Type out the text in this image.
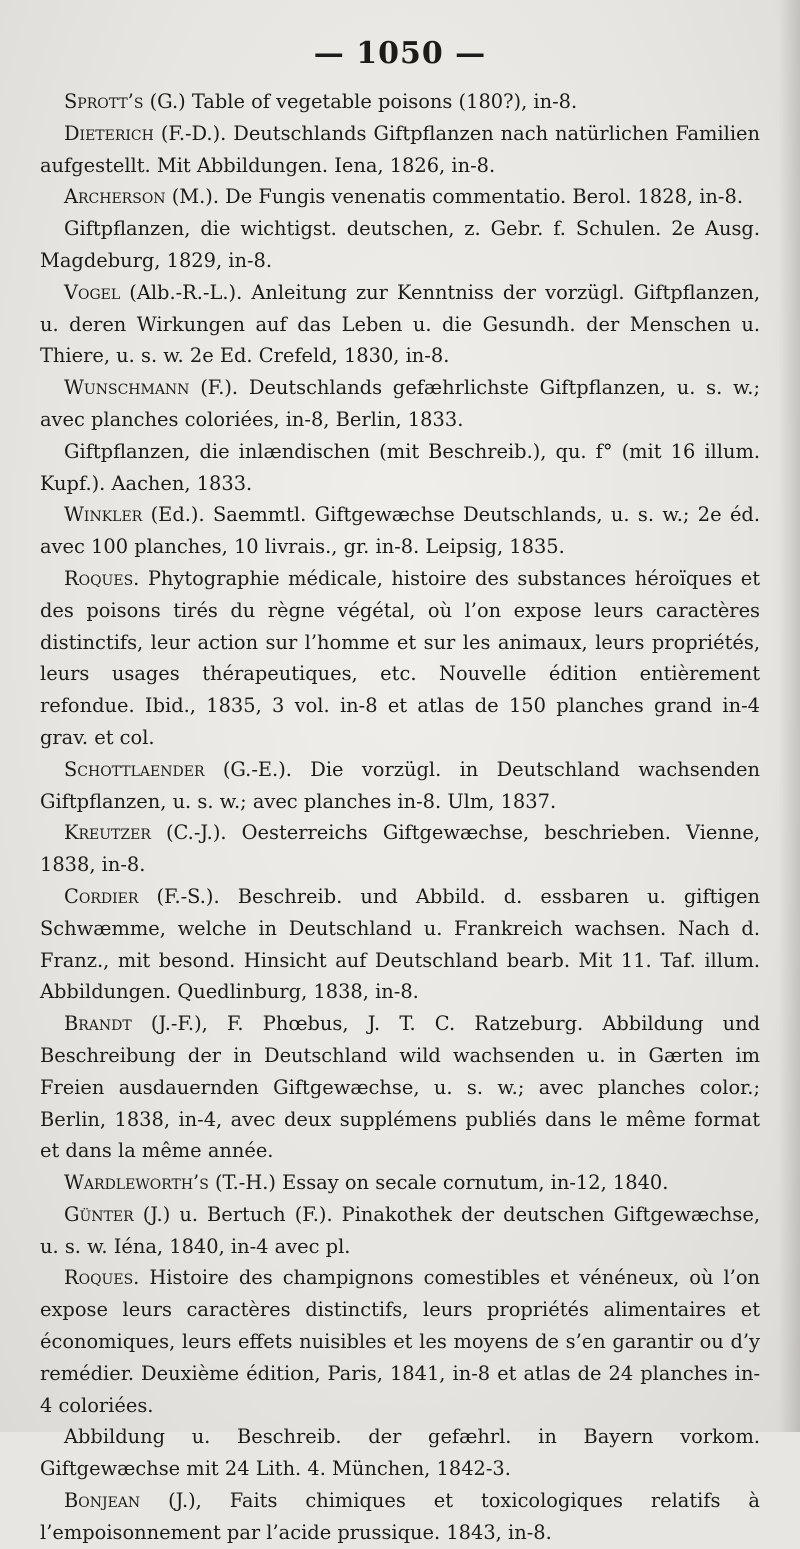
— 1050 —

Sprott’s (G.) Table of vegetable poisons (180?), in-8.

Dieterich (F.-D.). Deutschlands Giftpflanzen nach natürlichen Familien aufgestellt. Mit Abbildungen. Iena, 1826, in-8.

Archerson (M.). De Fungis venenatis commentatio. Berol. 1828, in-8.

Giftpflanzen, die wichtigst. deutschen, z. Gebr. f. Schulen. 2e Ausg. Magdeburg, 1829, in-8.

Vogel (Alb.-R.-L.). Anleitung zur Kenntniss der vorzügl. Giftpflanzen, u. deren Wirkungen auf das Leben u. die Gesundh. der Menschen u. Thiere, u. s. w. 2e Ed. Crefeld, 1830, in-8.

Wunschmann (F.). Deutschlands gefæhrlichste Giftpflanzen, u. s. w.; avec planches coloriées, in-8, Berlin, 1833.

Giftpflanzen, die inlændischen (mit Beschreib.), qu. f° (mit 16 illum. Kupf.). Aachen, 1833.

Winkler (Ed.). Saemmtl. Giftgewæchse Deutschlands, u. s. w.; 2e éd. avec 100 planches, 10 livrais., gr. in-8. Leipsig, 1835.

Roques. Phytographie médicale, histoire des substances héroïques et des poisons tirés du règne végétal, où l’on expose leurs caractères distinctifs, leur action sur l’homme et sur les animaux, leurs propriétés, leurs usages thérapeutiques, etc. Nouvelle édition entièrement refondue. Ibid., 1835, 3 vol. in-8 et atlas de 150 planches grand in-4 grav. et col.

Schottlaender (G.-E.). Die vorzügl. in Deutschland wachsenden Giftpflanzen, u. s. w.; avec planches in-8. Ulm, 1837.

Kreutzer (C.-J.). Oesterreichs Giftgewæchse, beschrieben. Vienne, 1838, in-8.

Cordier (F.-S.). Beschreib. und Abbild. d. essbaren u. giftigen Schwæmme, welche in Deutschland u. Frankreich wachsen. Nach d. Franz., mit besond. Hinsicht auf Deutschland bearb. Mit 11. Taf. illum. Abbildungen. Quedlinburg, 1838, in-8.

Brandt (J.-F.), F. Phœbus, J. T. C. Ratzeburg. Abbildung und Beschreibung der in Deutschland wild wachsenden u. in Gærten im Freien ausdauernden Giftgewæchse, u. s. w.; avec planches color.; Berlin, 1838, in-4, avec deux supplémens publiés dans le même format et dans la même année.

Wardleworth’s (T.-H.) Essay on secale cornutum, in-12, 1840.

Günter (J.) u. Bertuch (F.). Pinakothek der deutschen Giftgewæchse, u. s. w. Iéna, 1840, in-4 avec pl.

Roques. Histoire des champignons comestibles et vénéneux, où l’on expose leurs caractères distinctifs, leurs propriétés alimentaires et économiques, leurs effets nuisibles et les moyens de s’en garantir ou d’y remédier. Deuxième édition, Paris, 1841, in-8 et atlas de 24 planches in-4 coloriées.

Abbildung u. Beschreib. der gefæhrl. in Bayern vorkom. Giftgewæchse mit 24 Lith. 4. München, 1842-3.

Bonjean (J.), Faits chimiques et toxicologiques relatifs à l’empoisonnement par l’acide prussique. 1843, in-8.
